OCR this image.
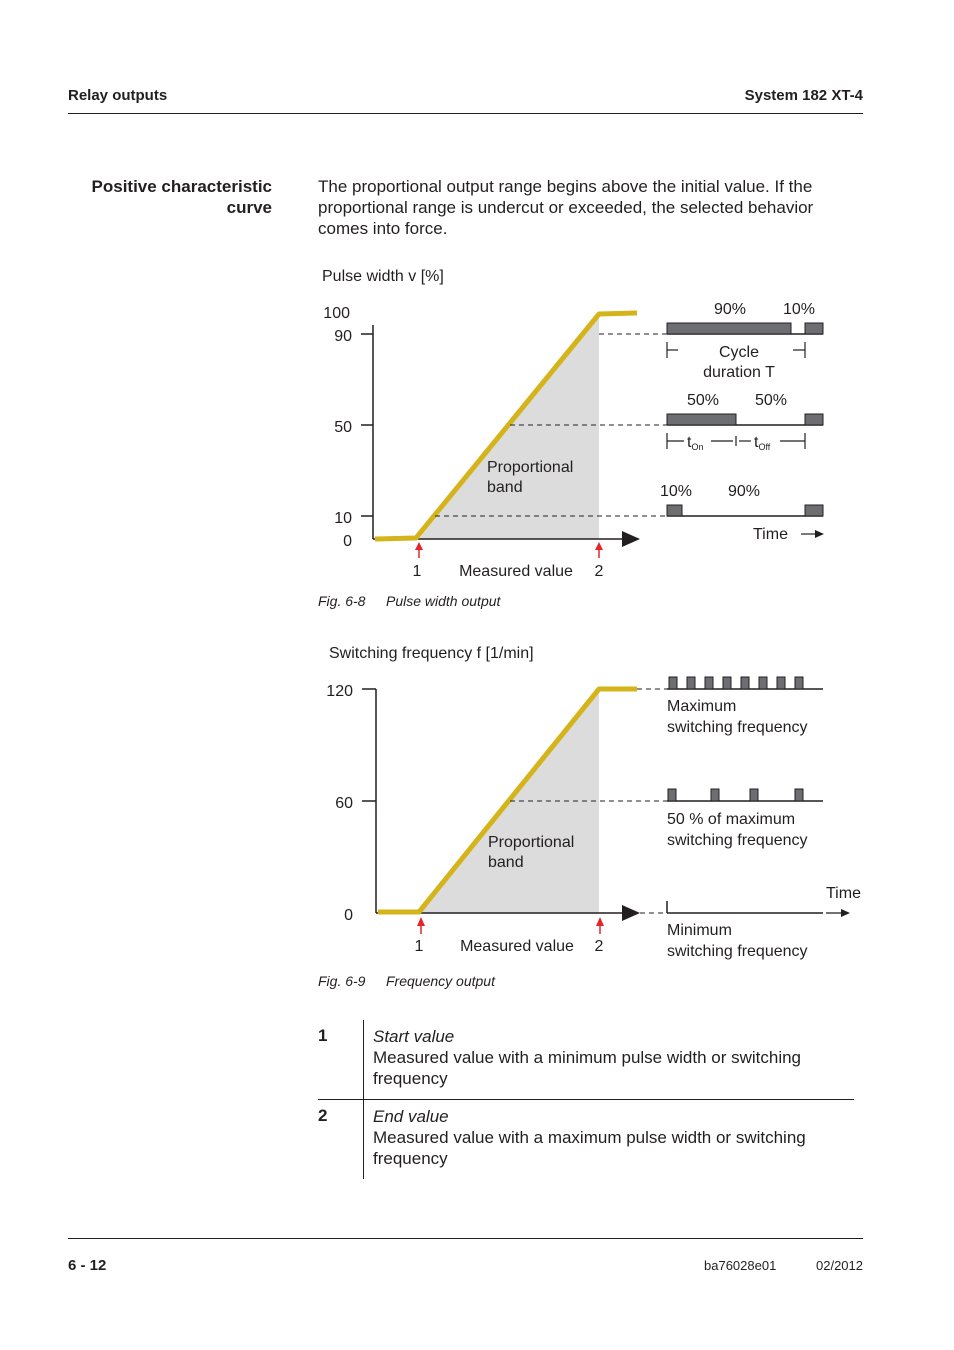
Relay outputs	System 182 XT-4
Positive characteristic curve
The proportional output range begins above the initial value. If the proportional range is undercut or exceeded, the selected behavior comes into force.
Pulse width v [%]
100
90
50
10
0
Proportional
band
1	2
Measured value
90% 10%
Cycle
duration T
50% 50%
tOn	tOff
10% 90%
Time
Fig. 6-8 Pulse width output
Switching frequency f [1/min]
120
60
0
Proportional
band
1	2
Measured value
Maximum
switching frequency
50 % of maximum
switching frequency
Minimum
switching frequency
Time
Fig. 6-9 Frequency output
1	Start value
Measured value with a minimum pulse width or switching frequency
2	End value
Measured value with a maximum pulse width or switching frequency
6 - 12	ba76028e01	02/2012
